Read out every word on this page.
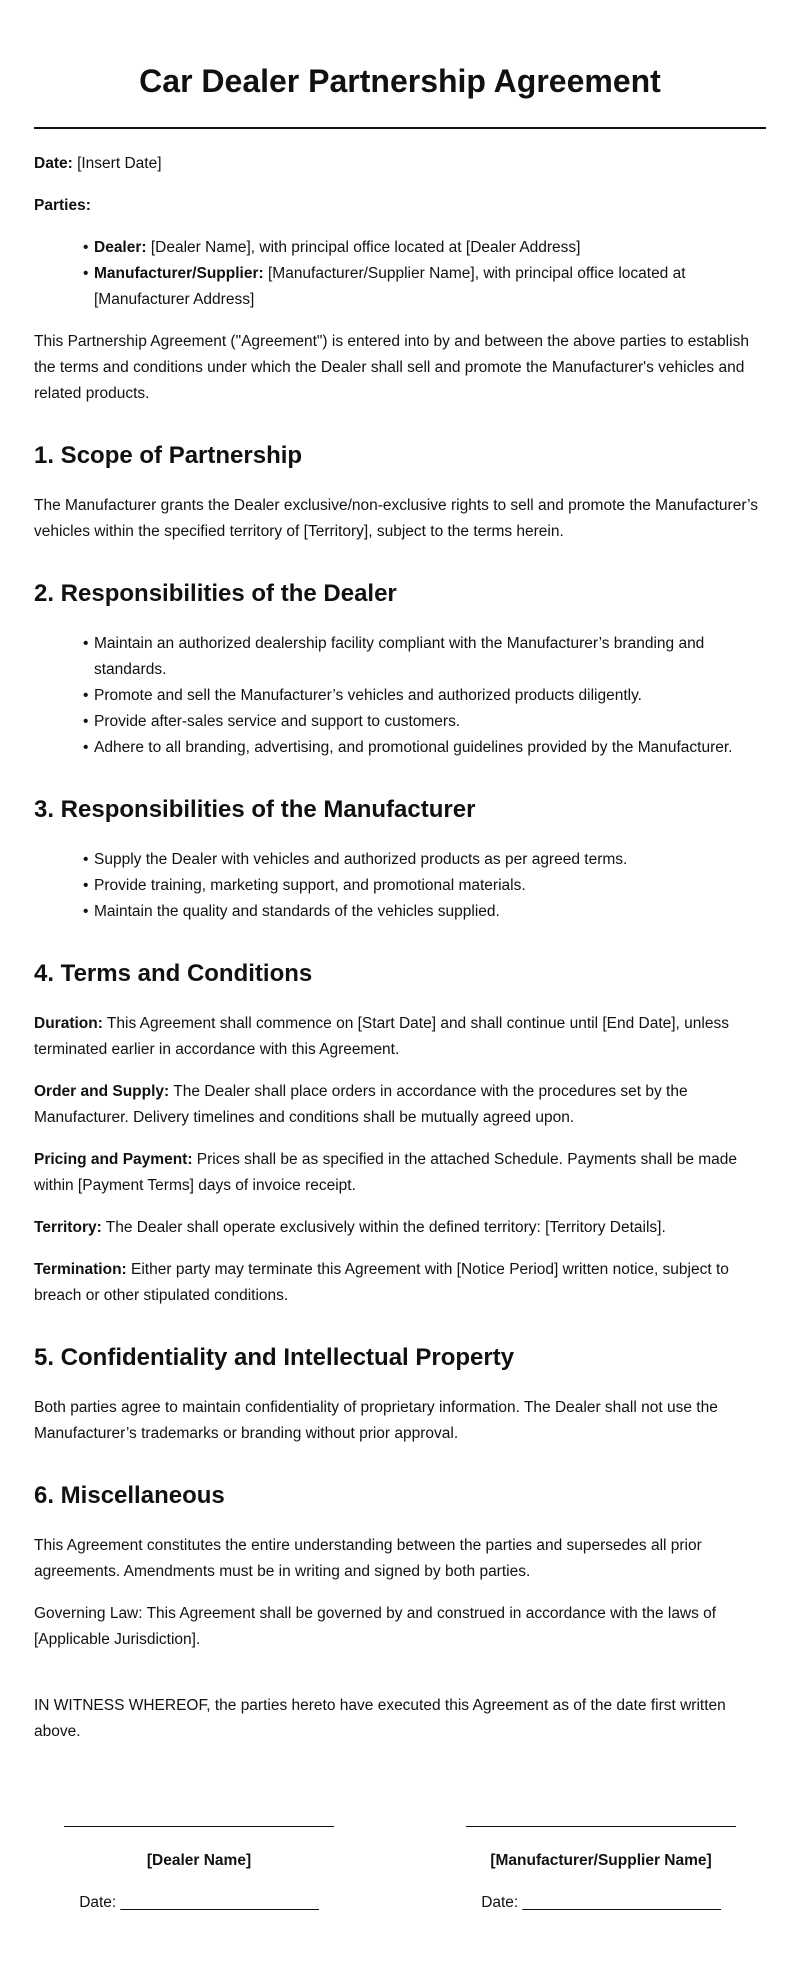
Car Dealer Partnership Agreement

Date: [Insert Date]

Parties:

• Dealer: [Dealer Name], with principal office located at [Dealer Address]
• Manufacturer/Supplier: [Manufacturer/Supplier Name], with principal office located at [Manufacturer Address]

This Partnership Agreement ("Agreement") is entered into by and between the above parties to establish the terms and conditions under which the Dealer shall sell and promote the Manufacturer's vehicles and related products.

1. Scope of Partnership

The Manufacturer grants the Dealer exclusive/non-exclusive rights to sell and promote the Manufacturer’s vehicles within the specified territory of [Territory], subject to the terms herein.

2. Responsibilities of the Dealer
• Maintain an authorized dealership facility compliant with the Manufacturer’s branding and standards.
• Promote and sell the Manufacturer’s vehicles and authorized products diligently.
• Provide after-sales service and support to customers.
• Adhere to all branding, advertising, and promotional guidelines provided by the Manufacturer.
3. Responsibilities of the Manufacturer
• Supply the Dealer with vehicles and authorized products as per agreed terms.
• Provide training, marketing support, and promotional materials.
• Maintain the quality and standards of the vehicles supplied.
4. Terms and Conditions

Duration: This Agreement shall commence on [Start Date] and shall continue until [End Date], unless terminated earlier in accordance with this Agreement.

Order and Supply: The Dealer shall place orders in accordance with the procedures set by the Manufacturer. Delivery timelines and conditions shall be mutually agreed upon.

Pricing and Payment: Prices shall be as specified in the attached Schedule. Payments shall be made within [Payment Terms] days of invoice receipt.

Territory: The Dealer shall operate exclusively within the defined territory: [Territory Details].

Termination: Either party may terminate this Agreement with [Notice Period] written notice, subject to breach or other stipulated conditions.

5. Confidentiality and Intellectual Property

Both parties agree to maintain confidentiality of proprietary information. The Dealer shall not use the Manufacturer’s trademarks or branding without prior approval.

6. Miscellaneous

This Agreement constitutes the entire understanding between the parties and supersedes all prior agreements. Amendments must be in writing and signed by both parties.

Governing Law: This Agreement shall be governed by and construed in accordance with the laws of [Applicable Jurisdiction].

IN WITNESS WHEREOF, the parties hereto have executed this Agreement as of the date first written above.

[Dealer Name]
Date: _______________________
[Manufacturer/Supplier Name]
Date: _______________________
